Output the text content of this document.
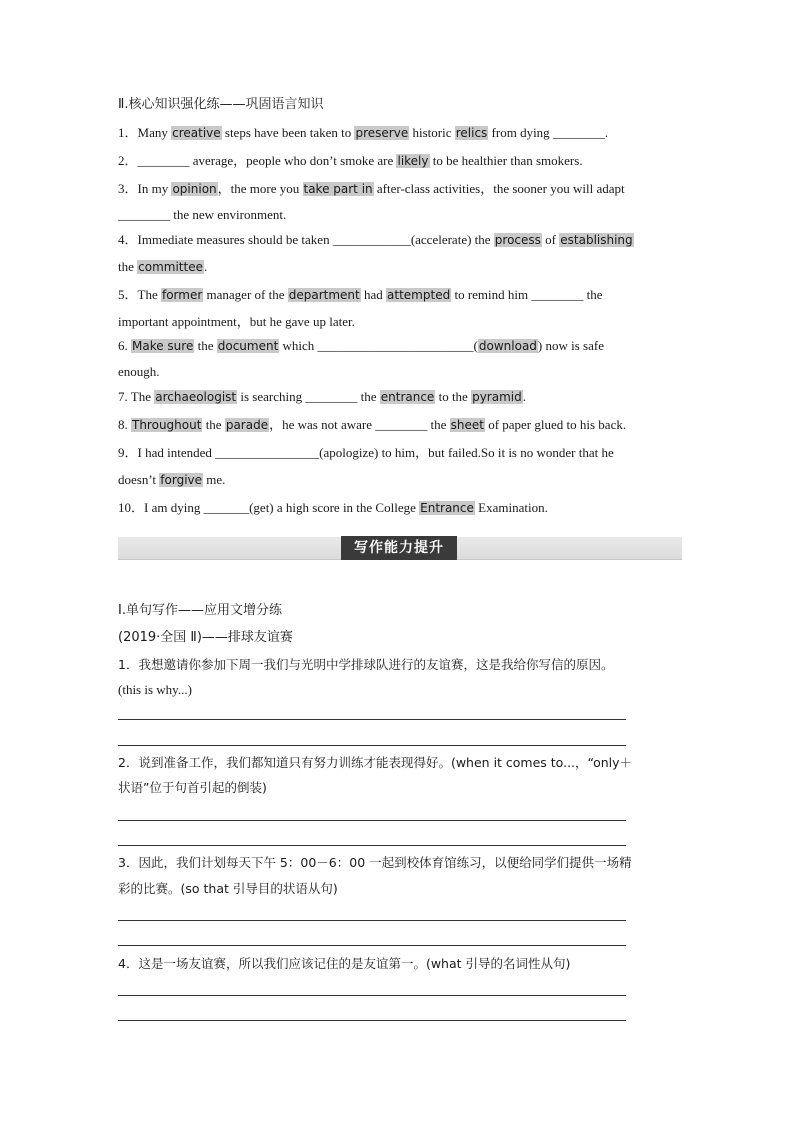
Ⅱ.核心知识强化练——巩固语言知识
1．Many creative steps have been taken to preserve historic relics from dying ________.
2．________ average，people who don’t smoke are likely to be healthier than smokers.
3．In my opinion，the more you take part in after-class activities，the sooner you will adapt
________ the new environment.
4．Immediate measures should be taken ____________(accelerate) the process of establishing
the committee.
5．The former manager of the department had attempted to remind him ________ the
important appointment，but he gave up later.
6. Make sure the document which ________________________(download) now is safe
enough.
7. The archaeologist is searching ________ the entrance to the pyramid.
8. Throughout the parade，he was not aware ________ the sheet of paper glued to his back.
9．I had intended ________________(apologize) to him，but failed.So it is no wonder that he
doesn’t forgive me.
10．I am dying _______(get) a high score in the College Entrance Examination.
写作能力提升
Ⅰ.单句写作——应用文增分练
(2019·全国 Ⅱ)——排球友谊赛
1．我想邀请你参加下周一我们与光明中学排球队进行的友谊赛，这是我给你写信的原因。
(this is why...)
2．说到准备工作，我们都知道只有努力训练才能表现得好。(when it comes to...，“only＋
状语”位于句首引起的倒装)
3．因此，我们计划每天下午 5：00－6：00 一起到校体育馆练习，以便给同学们提供一场精
彩的比赛。(so that 引导目的状语从句)
4．这是一场友谊赛，所以我们应该记住的是友谊第一。(what 引导的名词性从句)
